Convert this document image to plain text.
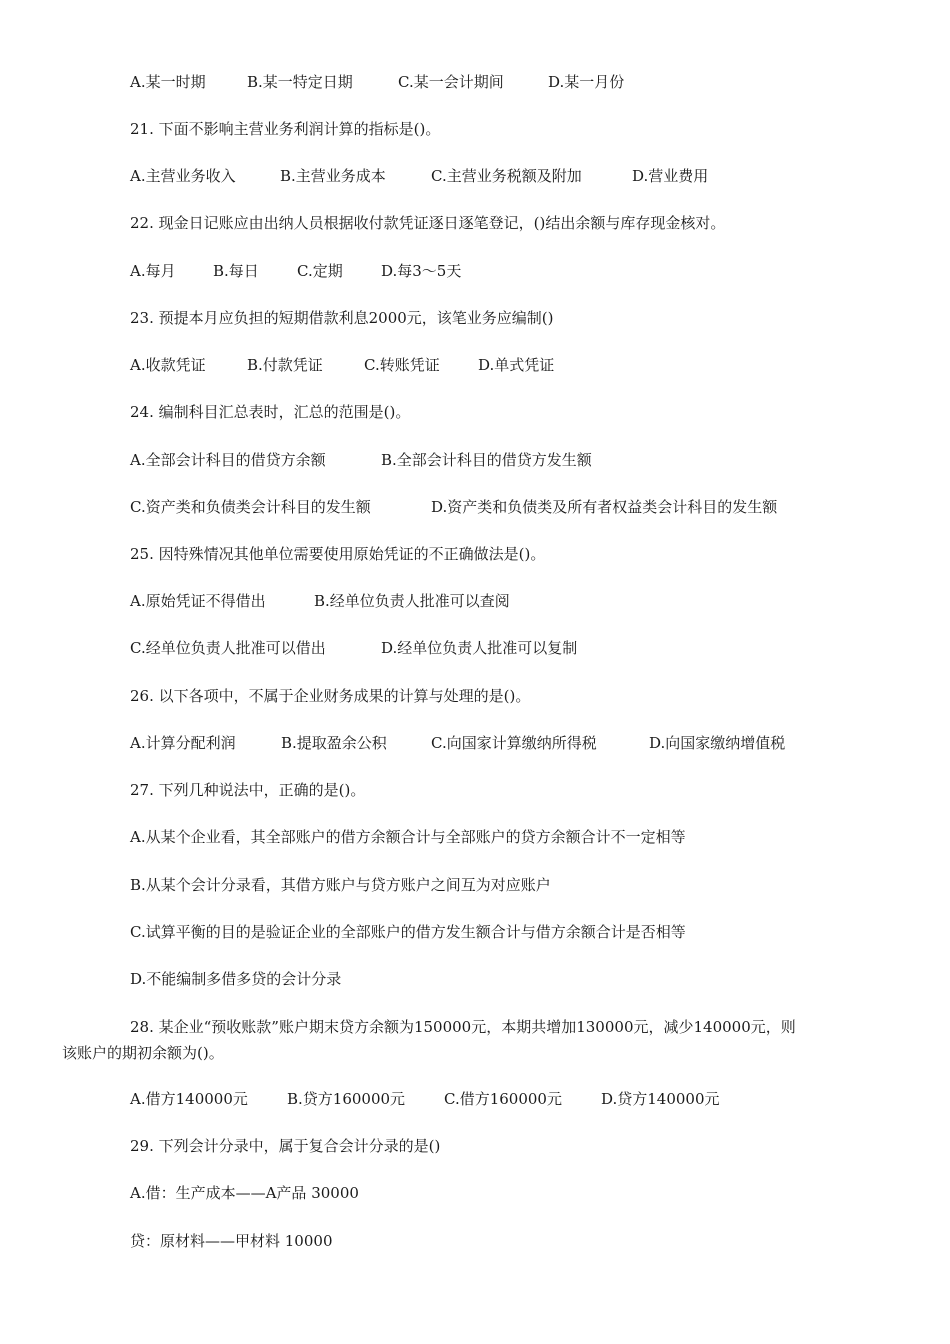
A.某一时期	B.某一特定日期	C.某一会计期间	D.某一月份
21. 下面不影响主营业务利润计算的指标是()。
A.主营业务收入	B.主营业务成本	C.主营业务税额及附加	D.营业费用
22. 现金日记账应由出纳人员根据收付款凭证逐日逐笔登记，()结出余额与库存现金核对。
A.每月 B.每日	C.定期	D.每3～5天
23. 预提本月应负担的短期借款利息2000元，该笔业务应编制()
A.收款凭证	B.付款凭证	C.转账凭证	D.单式凭证
24. 编制科目汇总表时，汇总的范围是()。
A.全部会计科目的借贷方余额	B.全部会计科目的借贷方发生额
C.资产类和负债类会计科目的发生额	D.资产类和负债类及所有者权益类会计科目的发生额
25. 因特殊情况其他单位需要使用原始凭证的不正确做法是()。
A.原始凭证不得借出	B.经单位负责人批准可以查阅
C.经单位负责人批准可以借出	D.经单位负责人批准可以复制
26. 以下各项中，不属于企业财务成果的计算与处理的是()。
A.计算分配利润	B.提取盈余公积	C.向国家计算缴纳所得税	D.向国家缴纳增值税
27. 下列几种说法中，正确的是()。
A.从某个企业看，其全部账户的借方余额合计与全部账户的贷方余额合计不一定相等
B.从某个会计分录看，其借方账户与贷方账户之间互为对应账户
C.试算平衡的目的是验证企业的全部账户的借方发生额合计与借方余额合计是否相等
D.不能编制多借多贷的会计分录
28. 某企业“预收账款”账户期末贷方余额为150000元，本期共增加130000元，减少140000元，则
该账户的期初余额为()。
A.借方140000元	B.贷方160000元	C.借方160000元	D.贷方140000元
29. 下列会计分录中，属于复合会计分录的是()
A.借：生产成本——A产品 30000
贷：原材料——甲材料 10000
